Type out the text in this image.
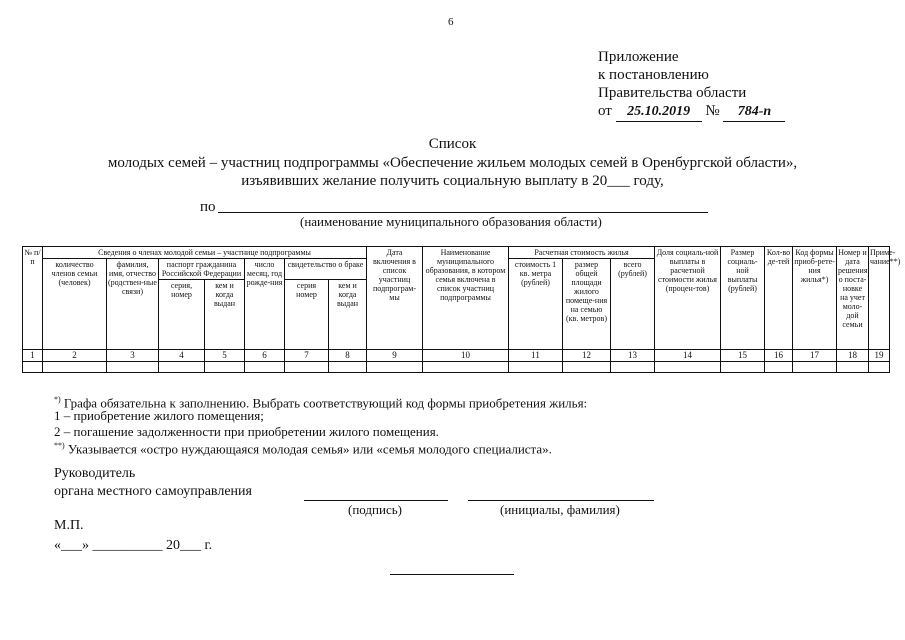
6
Приложение
к постановлению
Правительства области
от 25.10.2019 № 784-п
Список
молодых семей – участниц подпрограммы «Обеспечение жильем молодых семей в Оренбургской области»,
изъявивших желание получить социальную выплату в 20___ году,
по
(наименование муниципального образования области)
№ п/п	Сведения о членах молодой семьи – участнице подпрограммы							Дата включения в список участниц подпрограм-мы	Наименование муниципального образования, в котором семья включена в список участниц подпрограммы	Расчетная стоимость жилья			Доля социаль-ной выплаты в расчетной стоимости жилья (процен-тов)	Размер социаль-ной выплаты (рублей)	Кол-во де-тей	Код формы приоб-рете-ния жилья*)	Номер и дата решения о поста-новке на учет моло-дой семьи	Приме-чание**)
	количество членов семьи (человек)	фамилия, имя, отчество (родствен-ные связи)	паспорт гражданина Российской Федерации		число месяц, год рожде-ния	свидетельство о браке				стоимость 1 кв. метра (рублей)	размер общей площади жилого помеще-ния на семью (кв. метров)	всего (рублей)						
			серия, номер	кем и когда выдан		серия номер	кем и когда выдан											
1	2	3	4	5	6	7	8	9	10	11	12	13	14	15	16	17	18	19

*) Графа обязательна к заполнению. Выбрать соответствующий код формы приобретения жилья:
1 – приобретение жилого помещения;
2 – погашение задолженности при приобретении жилого помещения.
**) Указывается «остро нуждающаяся молодая семья» или «семья молодого специалиста».
Руководитель
органа местного самоуправления
(подпись)	(инициалы, фамилия)
М.П.
«___» __________ 20___ г.
